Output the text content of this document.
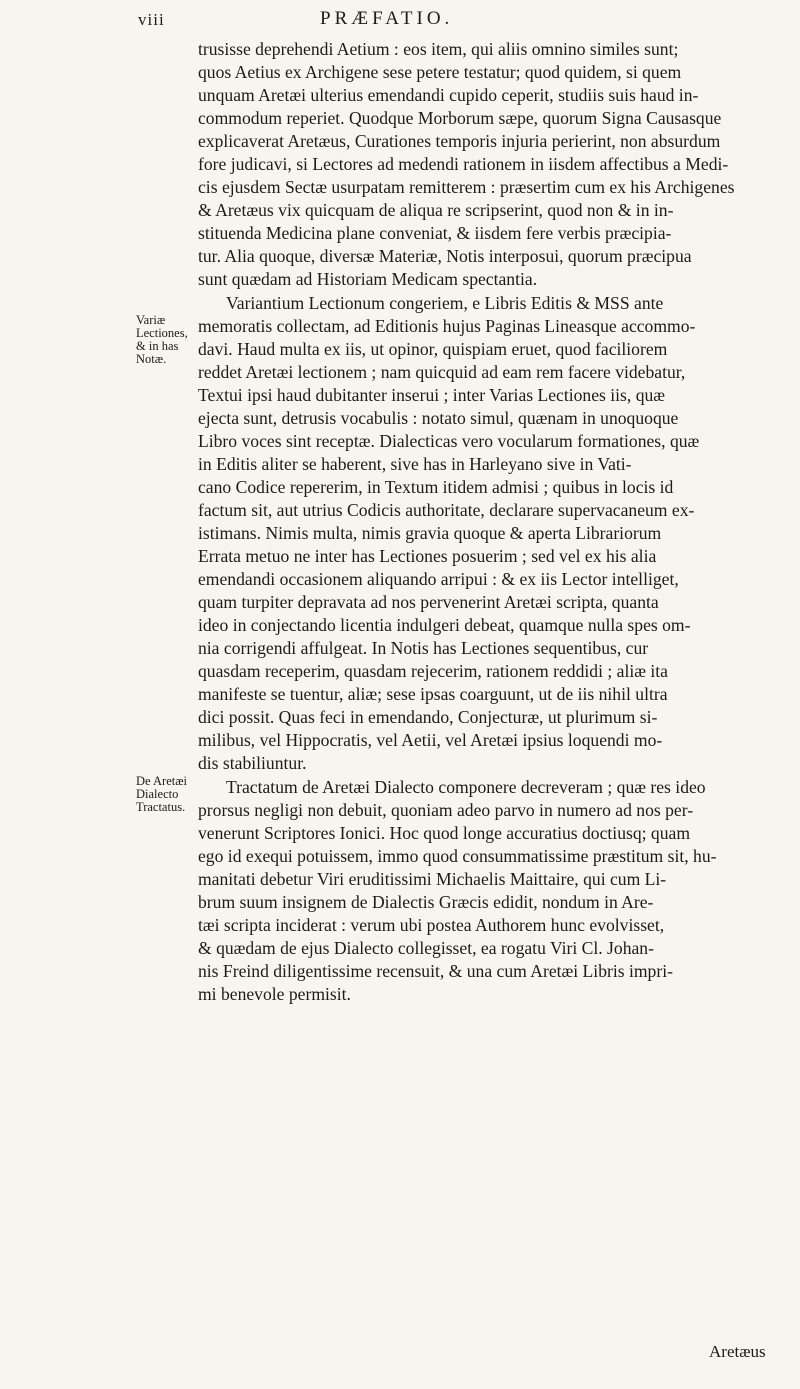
viii	PRÆFATIO.
Variæ Lectiones, & in has Notæ.
De Aretæi Dialecto Tractatus.
trusisse deprehendi Aetium : eos item, qui aliis omnino similes sunt;
quos Aetius ex Archigene sese petere testatur; quod quidem, si quem
unquam Aretæi ulterius emendandi cupido ceperit, studiis suis haud in-
commodum reperiet. Quodque Morborum sæpe, quorum Signa Causasque
explicaverat Aretæus, Curationes temporis injuria perierint, non absurdum
fore judicavi, si Lectores ad medendi rationem in iisdem affectibus a Medi-
cis ejusdem Sectæ usurpatam remitterem : præsertim cum ex his Archigenes
& Aretæus vix quicquam de aliqua re scripserint, quod non & in in-
stituenda Medicina plane conveniat, & iisdem fere verbis præcipia-
tur. Alia quoque, diversæ Materiæ, Notis interposui, quorum præcipua
sunt quædam ad Historiam Medicam spectantia.
Variantium Lectionum congeriem, e Libris Editis & MSS ante
memoratis collectam, ad Editionis hujus Paginas Lineasque accommo-
davi. Haud multa ex iis, ut opinor, quispiam eruet, quod faciliorem
reddet Aretæi lectionem ; nam quicquid ad eam rem facere videbatur,
Textui ipsi haud dubitanter inserui ; inter Varias Lectiones iis, quæ
ejecta sunt, detrusis vocabulis : notato simul, quænam in unoquoque
Libro voces sint receptæ. Dialecticas vero vocularum formationes, quæ
in Editis aliter se haberent, sive has in Harleyano sive in Vati-
cano Codice repererim, in Textum itidem admisi ; quibus in locis id
factum sit, aut utrius Codicis authoritate, declarare supervacaneum ex-
istimans. Nimis multa, nimis gravia quoque & aperta Librariorum
Errata metuo ne inter has Lectiones posuerim ; sed vel ex his alia
emendandi occasionem aliquando arripui : & ex iis Lector intelliget,
quam turpiter depravata ad nos pervenerint Aretæi scripta, quanta
ideo in conjectando licentia indulgeri debeat, quamque nulla spes om-
nia corrigendi affulgeat. In Notis has Lectiones sequentibus, cur
quasdam receperim, quasdam rejecerim, rationem reddidi ; aliæ ita
manifeste se tuentur, aliæ; sese ipsas coarguunt, ut de iis nihil ultra
dici possit. Quas feci in emendando, Conjecturæ, ut plurimum si-
milibus, vel Hippocratis, vel Aetii, vel Aretæi ipsius loquendi mo-
dis stabiliuntur.
Tractatum de Aretæi Dialecto componere decreveram ; quæ res ideo
prorsus negligi non debuit, quoniam adeo parvo in numero ad nos per-
venerunt Scriptores Ionici. Hoc quod longe accuratius doctiusq; quam
ego id exequi potuissem, immo quod consummatissime præstitum sit, hu-
manitati debetur Viri eruditissimi Michaelis Maittaire, qui cum Li-
brum suum insignem de Dialectis Græcis edidit, nondum in Are-
tæi scripta inciderat : verum ubi postea Authorem hunc evolvisset,
& quædam de ejus Dialecto collegisset, ea rogatu Viri Cl. Johan-
nis Freind diligentissime recensuit, & una cum Aretæi Libris impri-
mi benevole permisit.
Aretæus
